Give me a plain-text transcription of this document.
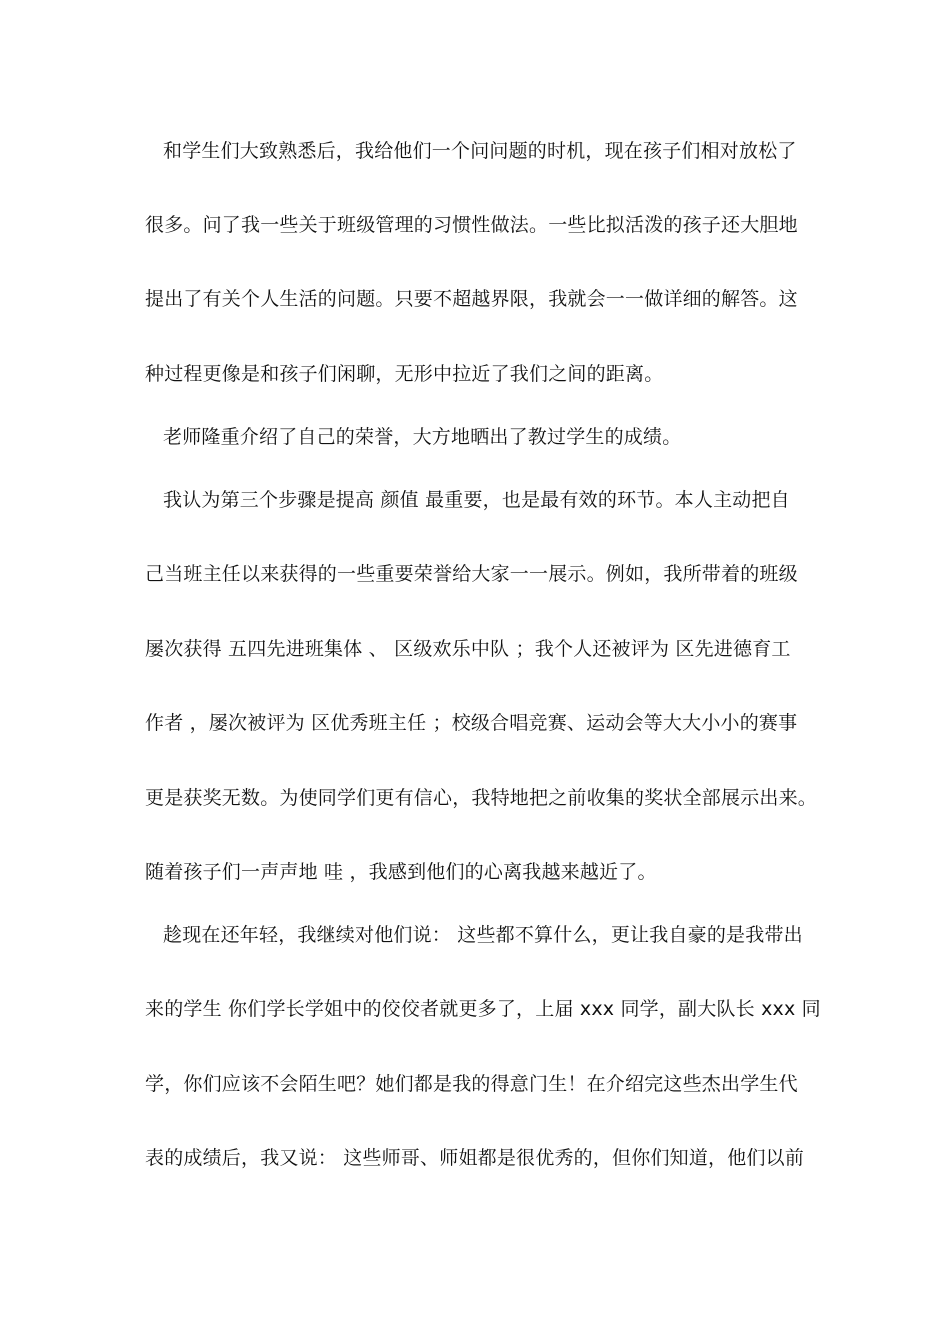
和学生们大致熟悉后，我给他们一个问问题的时机，现在孩子们相对放松了
很多。问了我一些关于班级管理的习惯性做法。一些比拟活泼的孩子还大胆地
提出了有关个人生活的问题。只要不超越界限，我就会一一做详细的解答。这
种过程更像是和孩子们闲聊，无形中拉近了我们之间的距离。
老师隆重介绍了自己的荣誉，大方地晒出了教过学生的成绩。
我认为第三个步骤是提高 颜值 最重要，也是最有效的环节。本人主动把自
己当班主任以来获得的一些重要荣誉给大家一一展示。例如，我所带着的班级
屡次获得 五四先进班集体 、 区级欢乐中队 ；我个人还被评为 区先进德育工
作者 ，屡次被评为 区优秀班主任 ；校级合唱竞赛、运动会等大大小小的赛事
更是获奖无数。为使同学们更有信心，我特地把之前收集的奖状全部展示出来。
随着孩子们一声声地 哇 ，我感到他们的心离我越来越近了。
趁现在还年轻，我继续对他们说： 这些都不算什么，更让我自豪的是我带出
来的学生 你们学长学姐中的佼佼者就更多了，上届 xxx 同学，副大队长 xxx 同
学，你们应该不会陌生吧？她们都是我的得意门生！在介绍完这些杰出学生代
表的成绩后，我又说： 这些师哥、师姐都是很优秀的，但你们知道，他们以前
